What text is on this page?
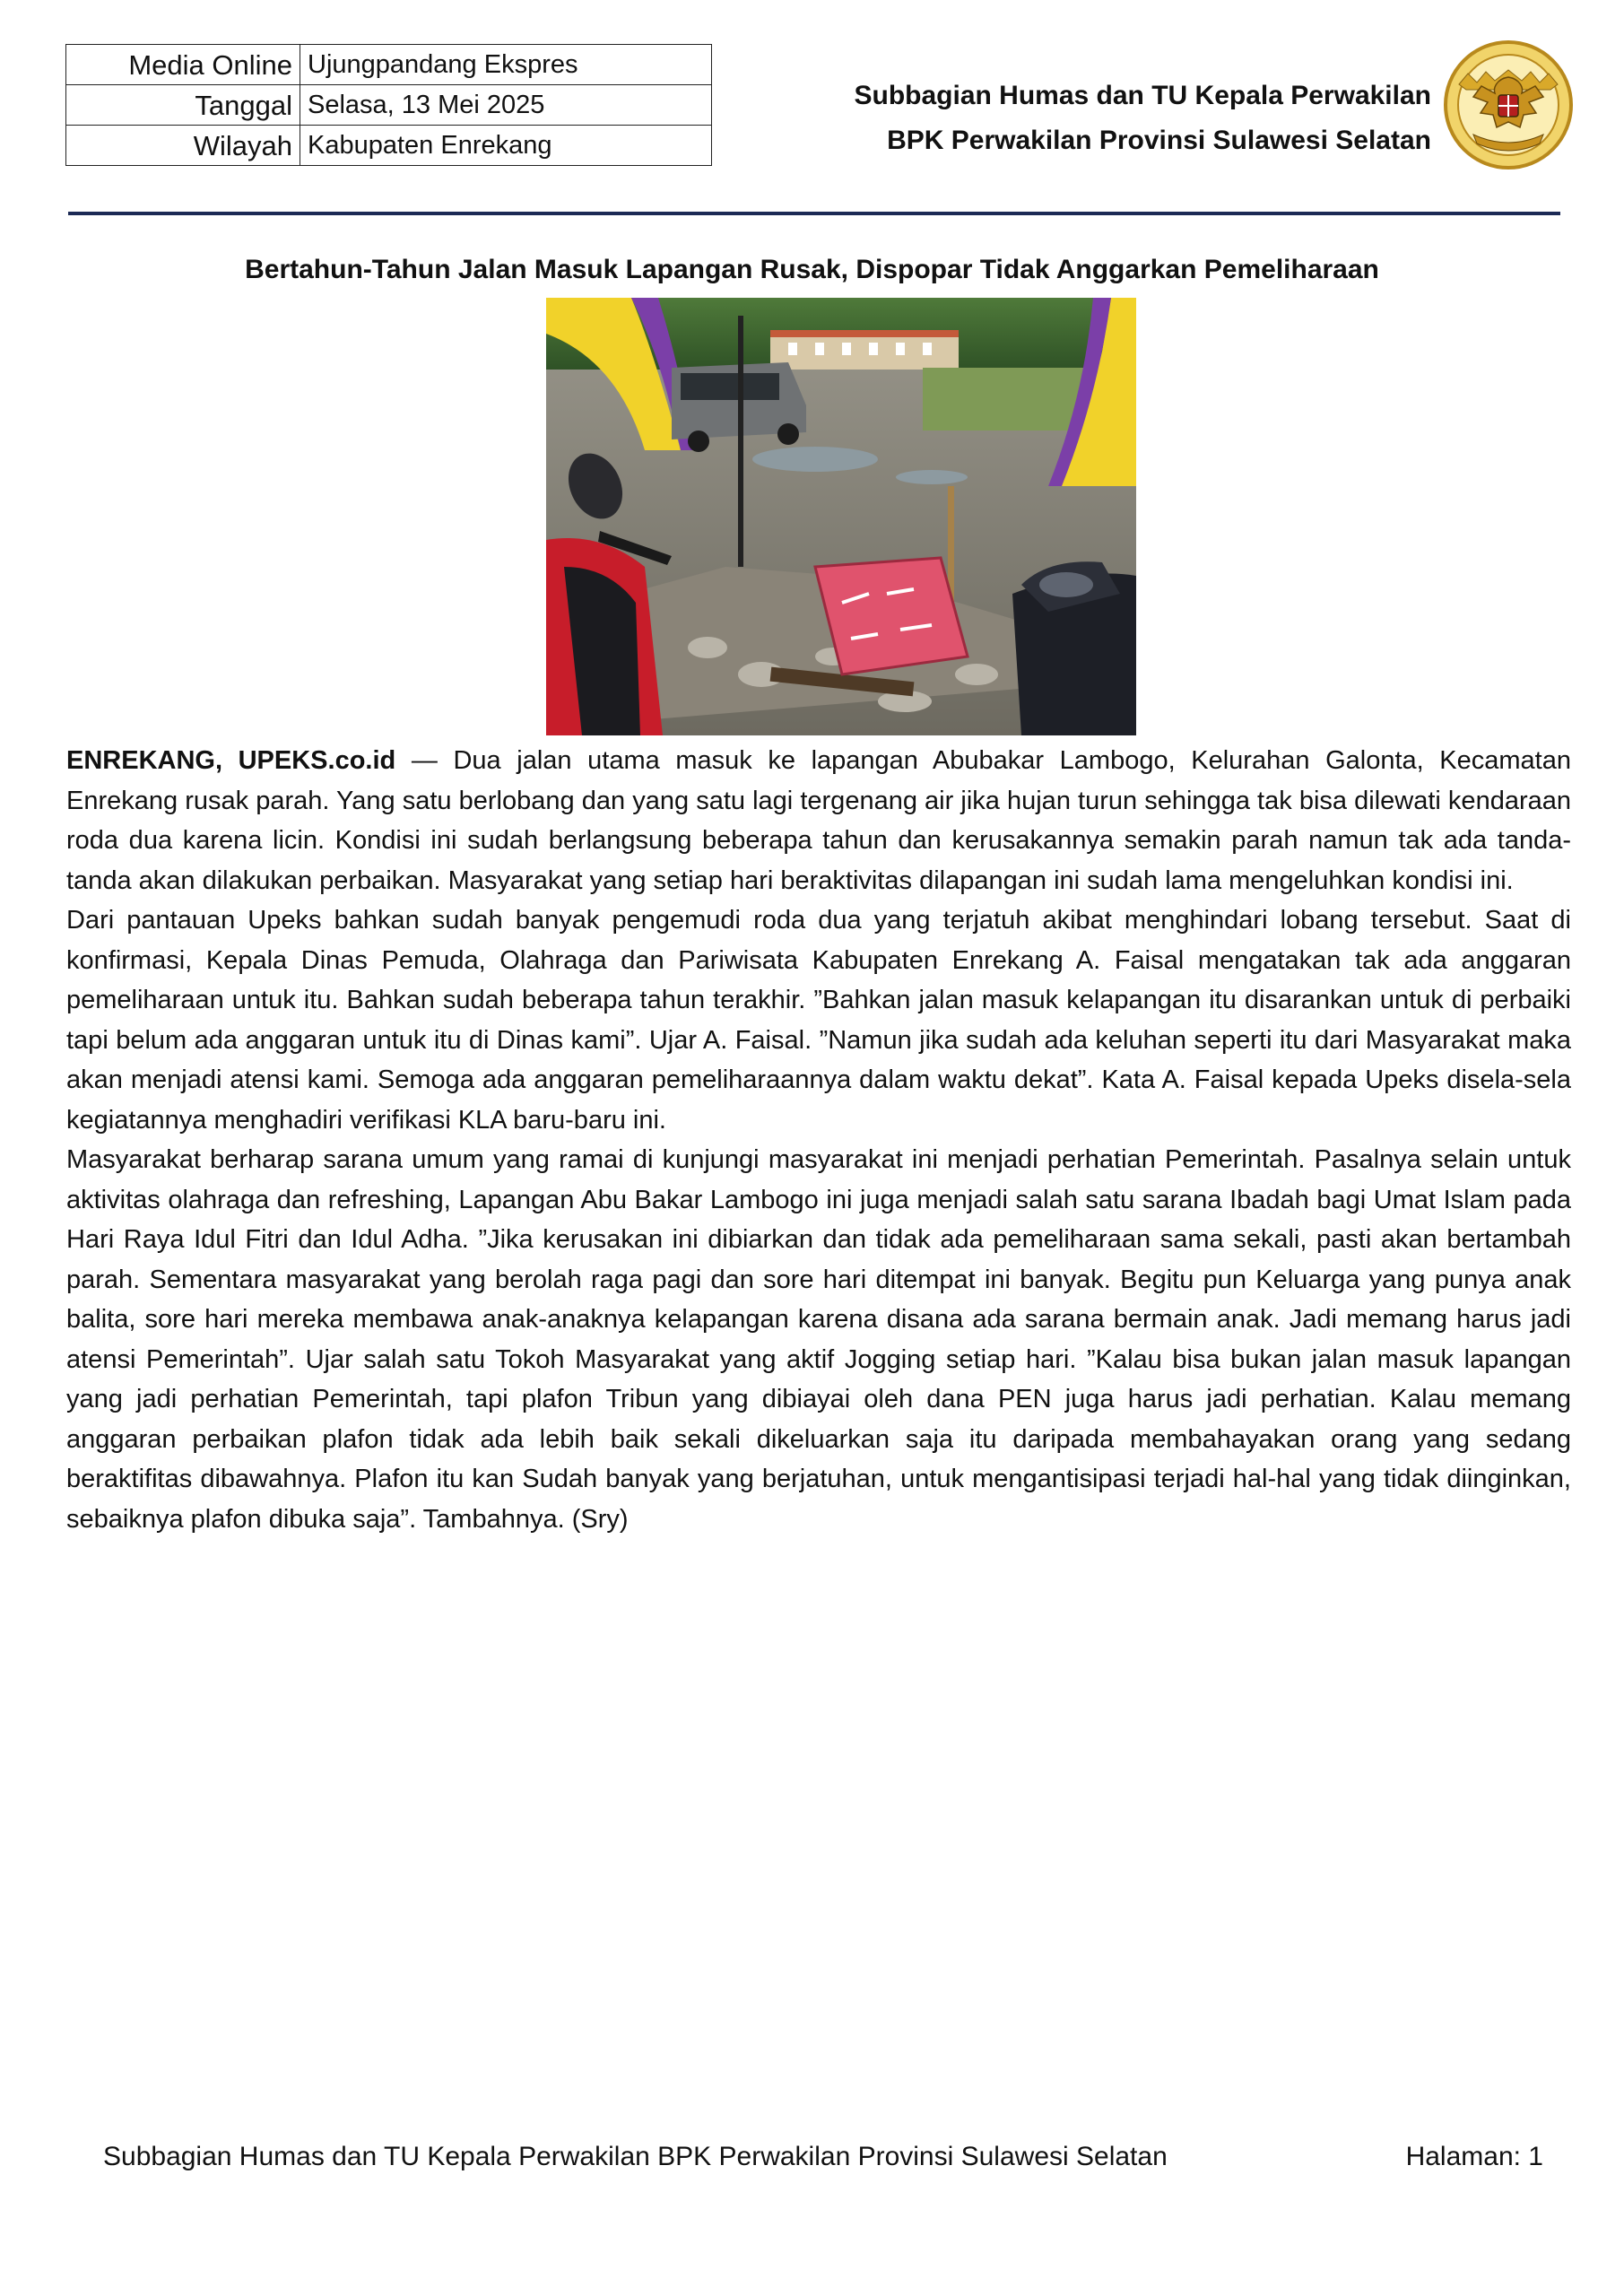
Media Online	Ujungpandang Ekspres
Tanggal	Selasa, 13 Mei 2025
Wilayah	Kabupaten Enrekang
Subbagian Humas dan TU Kepala Perwakilan
BPK Perwakilan Provinsi Sulawesi Selatan
Bertahun-Tahun Jalan Masuk Lapangan Rusak, Dispopar Tidak Anggarkan Pemeliharaan

ENREKANG, UPEKS.co.id — Dua jalan utama masuk ke lapangan Abubakar Lambogo, Kelurahan Galonta, Kecamatan Enrekang rusak parah. Yang satu berlobang dan yang satu lagi tergenang air jika hujan turun sehingga tak bisa dilewati kendaraan roda dua karena licin. Kondisi ini sudah berlangsung beberapa tahun dan kerusakannya semakin parah namun tak ada tanda-tanda akan dilakukan perbaikan. Masyarakat yang setiap hari beraktivitas dilapangan ini sudah lama mengeluhkan kondisi ini.

Dari pantauan Upeks bahkan sudah banyak pengemudi roda dua yang terjatuh akibat menghindari lobang tersebut. Saat di konfirmasi, Kepala Dinas Pemuda, Olahraga dan Pariwisata Kabupaten Enrekang A. Faisal mengatakan tak ada anggaran pemeliharaan untuk itu. Bahkan sudah beberapa tahun terakhir. ”Bahkan jalan masuk kelapangan itu disarankan untuk di perbaiki tapi belum ada anggaran untuk itu di Dinas kami”. Ujar A. Faisal. ”Namun jika sudah ada keluhan seperti itu dari Masyarakat maka akan menjadi atensi kami. Semoga ada anggaran pemeliharaannya dalam waktu dekat”. Kata A. Faisal kepada Upeks disela-sela kegiatannya menghadiri verifikasi KLA baru-baru ini.

Masyarakat berharap sarana umum yang ramai di kunjungi masyarakat ini menjadi perhatian Pemerintah. Pasalnya selain untuk aktivitas olahraga dan refreshing, Lapangan Abu Bakar Lambogo ini juga menjadi salah satu sarana Ibadah bagi Umat Islam pada Hari Raya Idul Fitri dan Idul Adha. ”Jika kerusakan ini dibiarkan dan tidak ada pemeliharaan sama sekali, pasti akan bertambah parah. Sementara masyarakat yang berolah raga pagi dan sore hari ditempat ini banyak. Begitu pun Keluarga yang punya anak balita, sore hari mereka membawa anak-anaknya kelapangan karena disana ada sarana bermain anak. Jadi memang harus jadi atensi Pemerintah”. Ujar salah satu Tokoh Masyarakat yang aktif Jogging setiap hari. ”Kalau bisa bukan jalan masuk lapangan yang jadi perhatian Pemerintah, tapi plafon Tribun yang dibiayai oleh dana PEN juga harus jadi perhatian. Kalau memang anggaran perbaikan plafon tidak ada lebih baik sekali dikeluarkan saja itu daripada membahayakan orang yang sedang beraktifitas dibawahnya. Plafon itu kan Sudah banyak yang berjatuhan, untuk mengantisipasi terjadi hal-hal yang tidak diinginkan, sebaiknya plafon dibuka saja”. Tambahnya. (Sry)

Subbagian Humas dan TU Kepala Perwakilan BPK Perwakilan Provinsi Sulawesi Selatan	Halaman: 1
